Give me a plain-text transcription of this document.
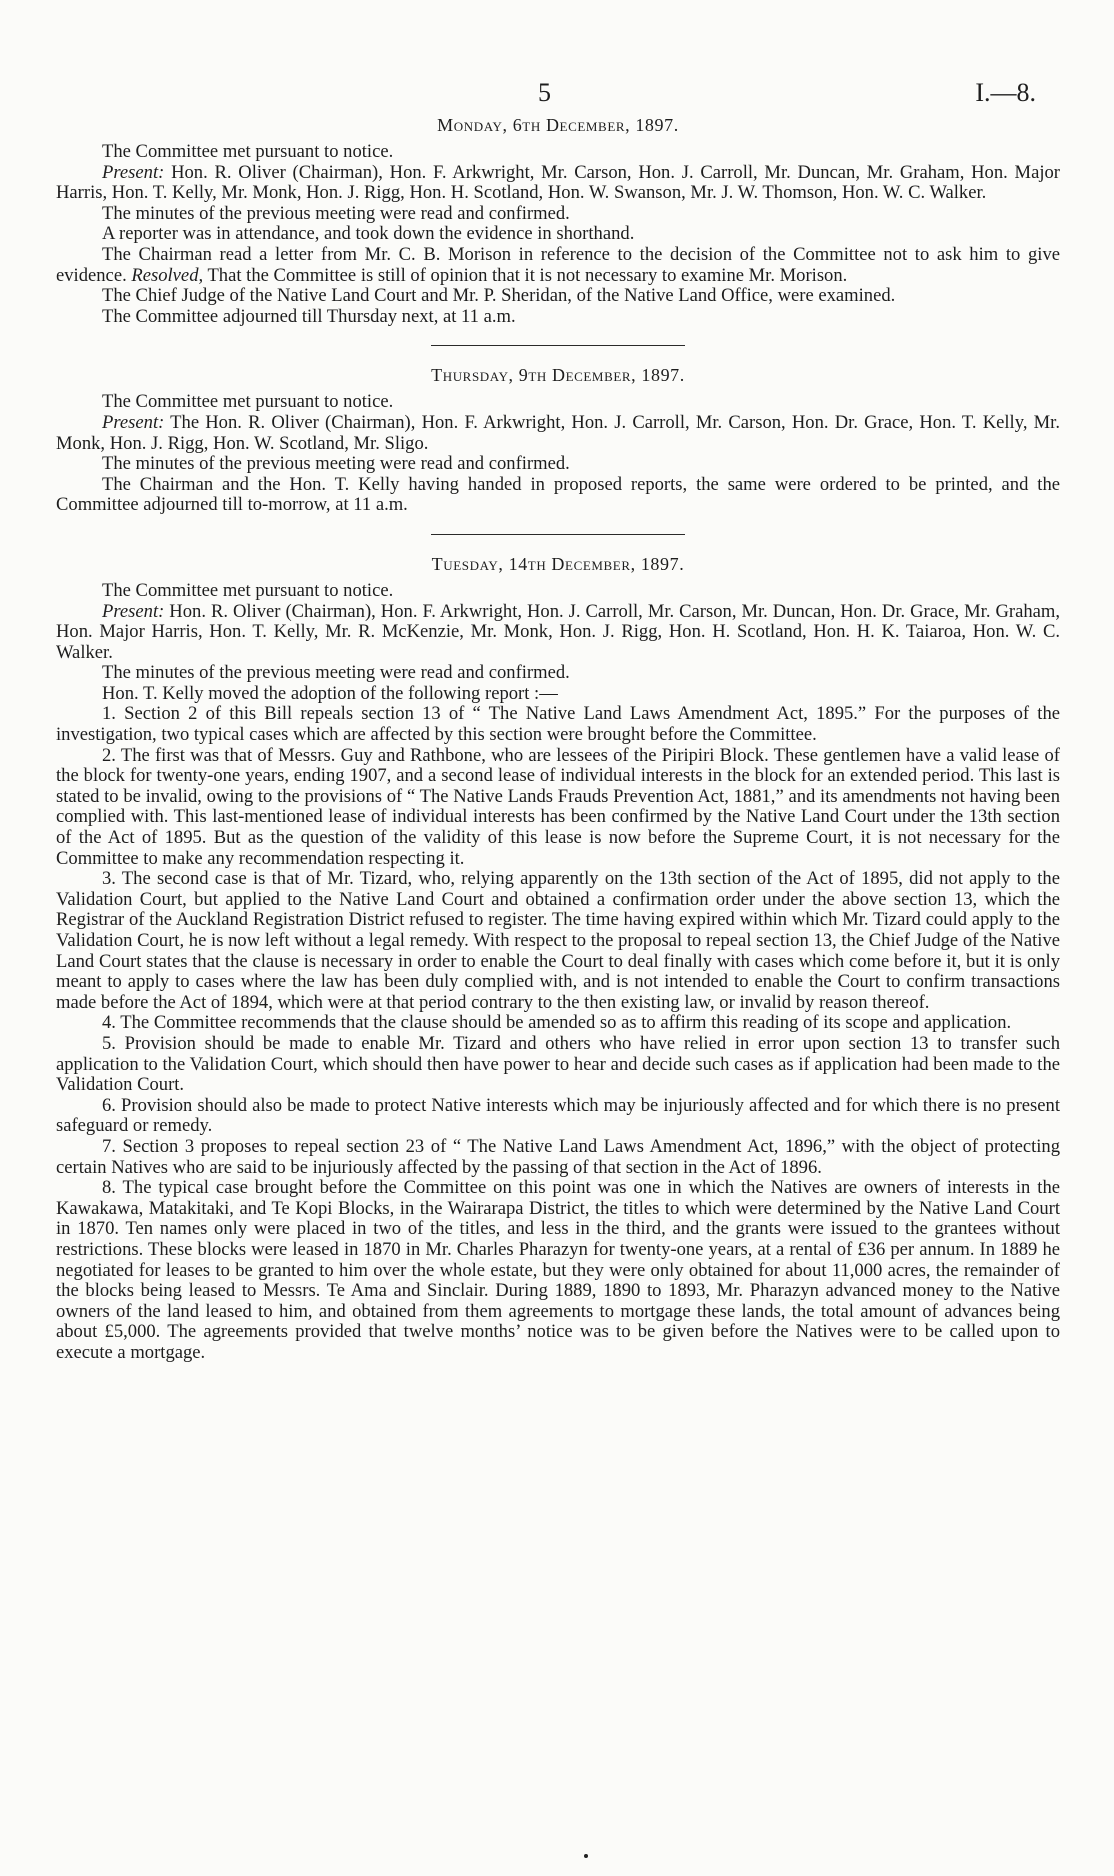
5	I.—8.
Monday, 6th December, 1897.

The Committee met pursuant to notice.

Present: Hon. R. Oliver (Chairman), Hon. F. Arkwright, Mr. Carson, Hon. J. Carroll, Mr. Duncan, Mr. Graham, Hon. Major Harris, Hon. T. Kelly, Mr. Monk, Hon. J. Rigg, Hon. H. Scotland, Hon. W. Swanson, Mr. J. W. Thomson, Hon. W. C. Walker.

The minutes of the previous meeting were read and confirmed.

A reporter was in attendance, and took down the evidence in shorthand.

The Chairman read a letter from Mr. C. B. Morison in reference to the decision of the Committee not to ask him to give evidence. Resolved, That the Committee is still of opinion that it is not necessary to examine Mr. Morison.

The Chief Judge of the Native Land Court and Mr. P. Sheridan, of the Native Land Office, were examined.

The Committee adjourned till Thursday next, at 11 a.m.

Thursday, 9th December, 1897.

The Committee met pursuant to notice.

Present: The Hon. R. Oliver (Chairman), Hon. F. Arkwright, Hon. J. Carroll, Mr. Carson, Hon. Dr. Grace, Hon. T. Kelly, Mr. Monk, Hon. J. Rigg, Hon. W. Scotland, Mr. Sligo.

The minutes of the previous meeting were read and confirmed.

The Chairman and the Hon. T. Kelly having handed in proposed reports, the same were ordered to be printed, and the Committee adjourned till to-morrow, at 11 a.m.

Tuesday, 14th December, 1897.

The Committee met pursuant to notice.

Present: Hon. R. Oliver (Chairman), Hon. F. Arkwright, Hon. J. Carroll, Mr. Carson, Mr. Duncan, Hon. Dr. Grace, Mr. Graham, Hon. Major Harris, Hon. T. Kelly, Mr. R. McKenzie, Mr. Monk, Hon. J. Rigg, Hon. H. Scotland, Hon. H. K. Taiaroa, Hon. W. C. Walker.

The minutes of the previous meeting were read and confirmed.

Hon. T. Kelly moved the adoption of the following report :—

1. Section 2 of this Bill repeals section 13 of “ The Native Land Laws Amendment Act, 1895.” For the purposes of the investigation, two typical cases which are affected by this section were brought before the Committee.

2. The first was that of Messrs. Guy and Rathbone, who are lessees of the Piripiri Block. These gentlemen have a valid lease of the block for twenty-one years, ending 1907, and a second lease of individual interests in the block for an extended period. This last is stated to be invalid, owing to the provisions of “ The Native Lands Frauds Prevention Act, 1881,” and its amendments not having been complied with. This last-mentioned lease of individual interests has been confirmed by the Native Land Court under the 13th section of the Act of 1895. But as the question of the validity of this lease is now before the Supreme Court, it is not necessary for the Committee to make any recommendation respecting it.

3. The second case is that of Mr. Tizard, who, relying apparently on the 13th section of the Act of 1895, did not apply to the Validation Court, but applied to the Native Land Court and obtained a confirmation order under the above section 13, which the Registrar of the Auckland Registration District refused to register. The time having expired within which Mr. Tizard could apply to the Validation Court, he is now left without a legal remedy. With respect to the proposal to repeal section 13, the Chief Judge of the Native Land Court states that the clause is necessary in order to enable the Court to deal finally with cases which come before it, but it is only meant to apply to cases where the law has been duly complied with, and is not intended to enable the Court to confirm transactions made before the Act of 1894, which were at that period contrary to the then existing law, or invalid by reason thereof.

4. The Committee recommends that the clause should be amended so as to affirm this reading of its scope and application.

5. Provision should be made to enable Mr. Tizard and others who have relied in error upon section 13 to transfer such application to the Validation Court, which should then have power to hear and decide such cases as if application had been made to the Validation Court.

6. Provision should also be made to protect Native interests which may be injuriously affected and for which there is no present safeguard or remedy.

7. Section 3 proposes to repeal section 23 of “ The Native Land Laws Amendment Act, 1896,” with the object of protecting certain Natives who are said to be injuriously affected by the passing of that section in the Act of 1896.

8. The typical case brought before the Committee on this point was one in which the Natives are owners of interests in the Kawakawa, Matakitaki, and Te Kopi Blocks, in the Wairarapa District, the titles to which were determined by the Native Land Court in 1870. Ten names only were placed in two of the titles, and less in the third, and the grants were issued to the grantees without restrictions. These blocks were leased in 1870 in Mr. Charles Pharazyn for twenty-one years, at a rental of £36 per annum. In 1889 he negotiated for leases to be granted to him over the whole estate, but they were only obtained for about 11,000 acres, the remainder of the blocks being leased to Messrs. Te Ama and Sinclair. During 1889, 1890 to 1893, Mr. Pharazyn advanced money to the Native owners of the land leased to him, and obtained from them agreements to mortgage these lands, the total amount of advances being about £5,000. The agreements provided that twelve months’ notice was to be given before the Natives were to be called upon to execute a mortgage.
